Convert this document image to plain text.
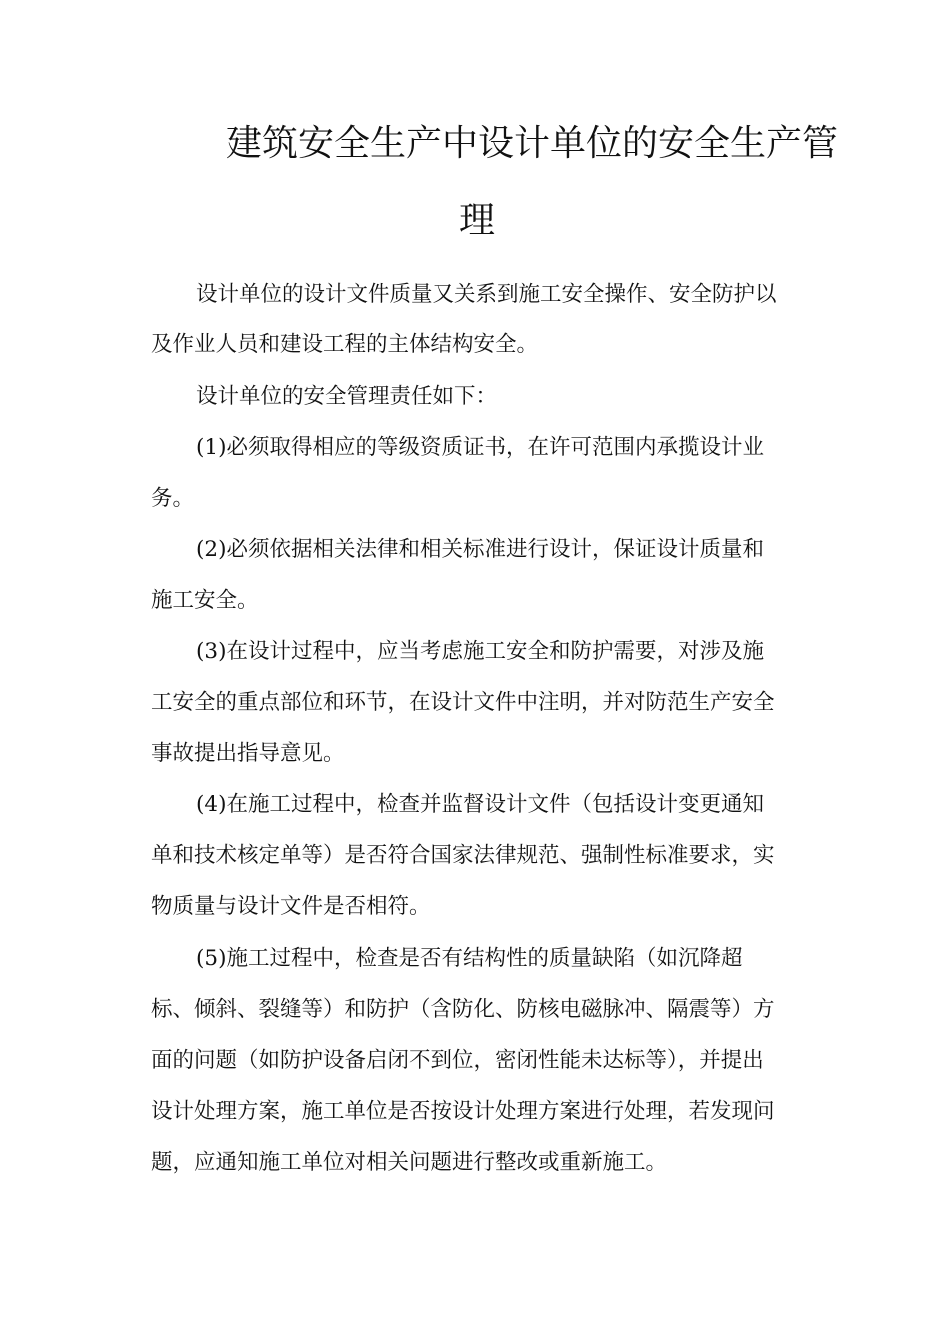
建筑安全生产中设计单位的安全生产管
理
设计单位的设计文件质量又关系到施工安全操作、安全防护以
及作业人员和建设工程的主体结构安全。
设计单位的安全管理责任如下：
(1)必须取得相应的等级资质证书，在许可范围内承揽设计业
务。
(2)必须依据相关法律和相关标准进行设计，保证设计质量和
施工安全。
(3)在设计过程中，应当考虑施工安全和防护需要，对涉及施
工安全的重点部位和环节，在设计文件中注明，并对防范生产安全
事故提出指导意见。
(4)在施工过程中，检查并监督设计文件（包括设计变更通知
单和技术核定单等）是否符合国家法律规范、强制性标准要求，实
物质量与设计文件是否相符。
(5)施工过程中，检查是否有结构性的质量缺陷（如沉降超
标、倾斜、裂缝等）和防护（含防化、防核电磁脉冲、隔震等）方
面的问题（如防护设备启闭不到位，密闭性能未达标等），并提出
设计处理方案，施工单位是否按设计处理方案进行处理，若发现问
题，应通知施工单位对相关问题进行整改或重新施工。
